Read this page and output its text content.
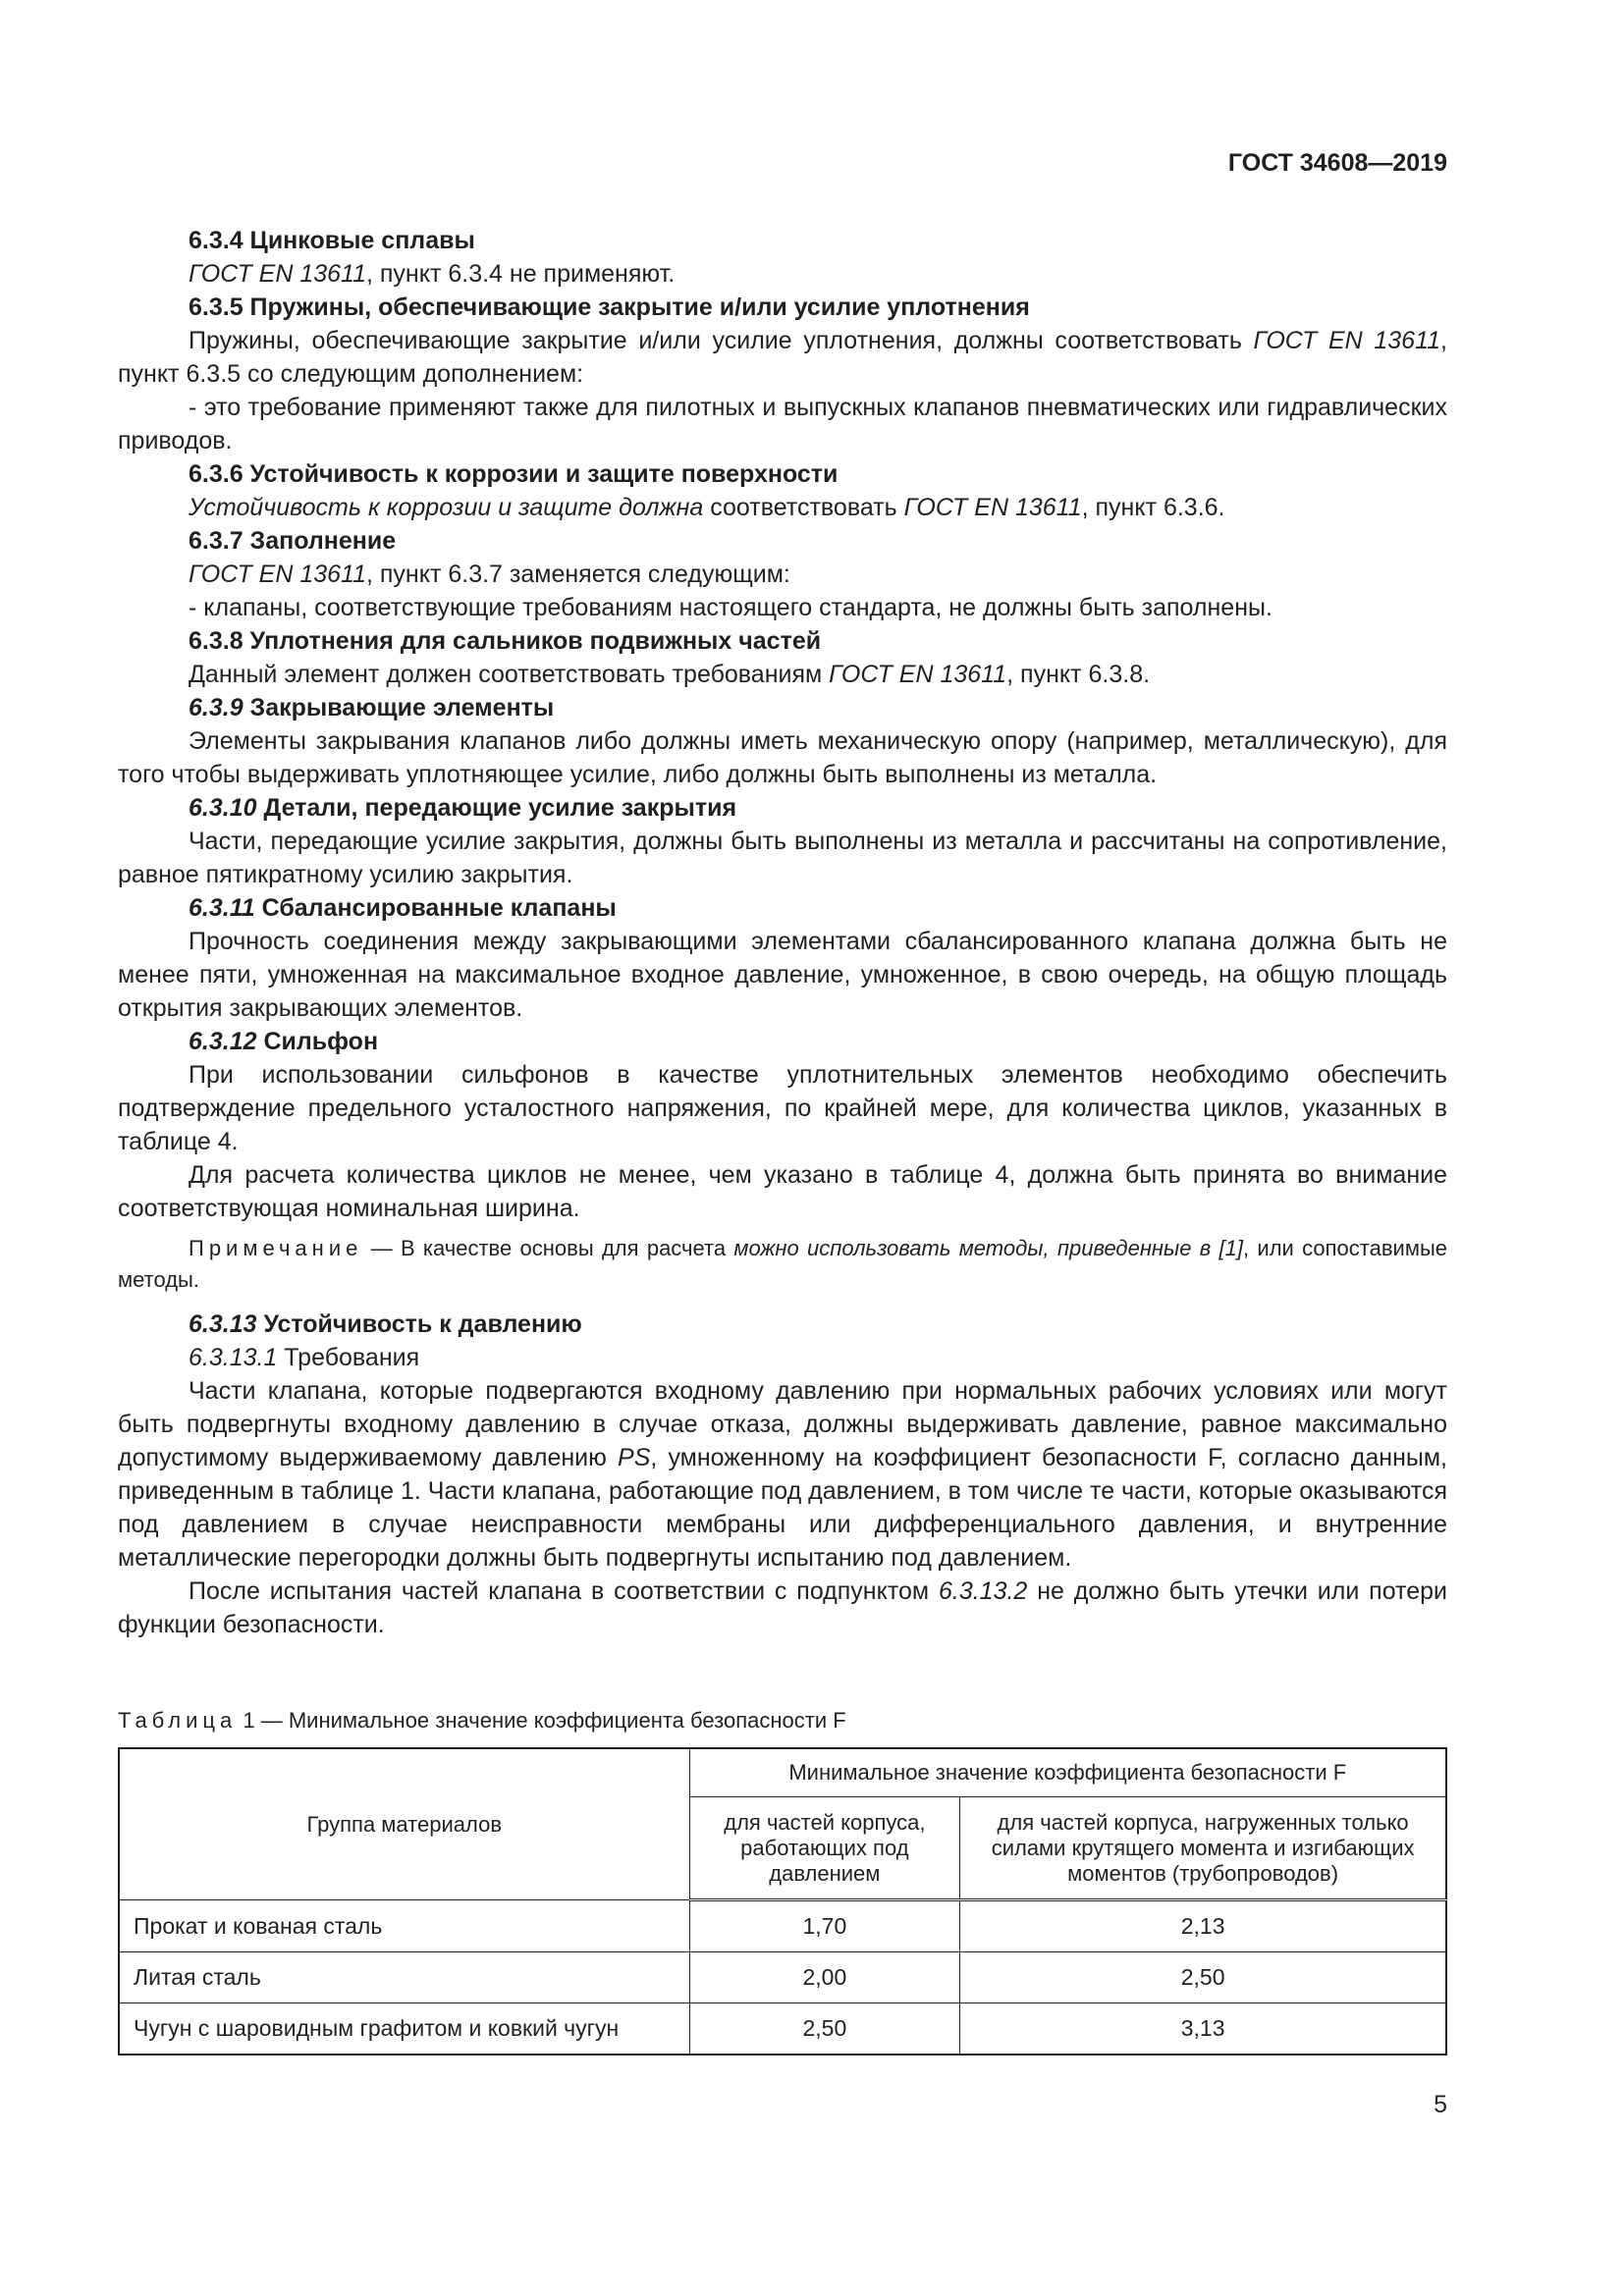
ГОСТ 34608—2019

6.3.4 Цинковые сплавы

ГОСТ EN 13611, пункт 6.3.4 не применяют.

6.3.5 Пружины, обеспечивающие закрытие и/или усилие уплотнения

Пружины, обеспечивающие закрытие и/или усилие уплотнения, должны соответствовать ГОСТ EN 13611, пункт 6.3.5 со следующим дополнением:

- это требование применяют также для пилотных и выпускных клапанов пневматических или гидравлических приводов.

6.3.6 Устойчивость к коррозии и защите поверхности

Устойчивость к коррозии и защите должна соответствовать ГОСТ EN 13611, пункт 6.3.6.

6.3.7 Заполнение

ГОСТ EN 13611, пункт 6.3.7 заменяется следующим:

- клапаны, соответствующие требованиям настоящего стандарта, не должны быть заполнены.

6.3.8 Уплотнения для сальников подвижных частей

Данный элемент должен соответствовать требованиям ГОСТ EN 13611, пункт 6.3.8.

6.3.9 Закрывающие элементы

Элементы закрывания клапанов либо должны иметь механическую опору (например, металлическую), для того чтобы выдерживать уплотняющее усилие, либо должны быть выполнены из металла.

6.3.10 Детали, передающие усилие закрытия

Части, передающие усилие закрытия, должны быть выполнены из металла и рассчитаны на сопротивление, равное пятикратному усилию закрытия.

6.3.11 Сбалансированные клапаны

Прочность соединения между закрывающими элементами сбалансированного клапана должна быть не менее пяти, умноженная на максимальное входное давление, умноженное, в свою очередь, на общую площадь открытия закрывающих элементов.

6.3.12 Сильфон

При использовании сильфонов в качестве уплотнительных элементов необходимо обеспечить подтверждение предельного усталостного напряжения, по крайней мере, для количества циклов, указанных в таблице 4.

Для расчета количества циклов не менее, чем указано в таблице 4, должна быть принята во внимание соответствующая номинальная ширина.

Примечание — В качестве основы для расчета можно использовать методы, приведенные в [1], или сопоставимые методы.

6.3.13 Устойчивость к давлению

6.3.13.1 Требования

Части клапана, которые подвергаются входному давлению при нормальных рабочих условиях или могут быть подвергнуты входному давлению в случае отказа, должны выдерживать давление, равное максимально допустимому выдерживаемому давлению PS, умноженному на коэффициент безопасности F, согласно данным, приведенным в таблице 1. Части клапана, работающие под давлением, в том числе те части, которые оказываются под давлением в случае неисправности мембраны или дифференциального давления, и внутренние металлические перегородки должны быть подвергнуты испытанию под давлением.

После испытания частей клапана в соответствии с подпунктом 6.3.13.2 не должно быть утечки или потери функции безопасности.

Таблица 1 — Минимальное значение коэффициента безопасности F
Группа материалов	Минимальное значение коэффициента безопасности F	
	для частей корпуса, работающих под давлением	для частей корпуса, нагруженных только силами крутящего момента и изгибающих моментов (трубопроводов)
Прокат и кованая сталь	1,70	2,13
Литая сталь	2,00	2,50
Чугун с шаровидным графитом и ковкий чугун	2,50	3,13
5
